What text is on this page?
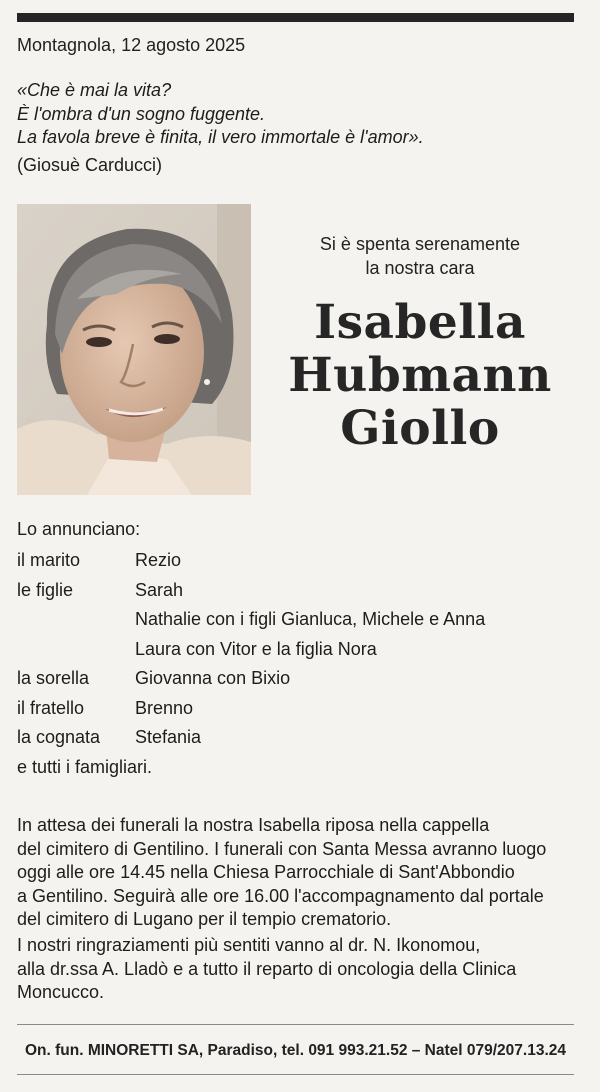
Montagnola, 12 agosto 2025
«Che è mai la vita?
È l'ombra d'un sogno fuggente.
La favola breve è finita, il vero immortale è l'amor».
(Giosuè Carducci)
Si è spenta serenamente
la nostra cara
Isabella
Hubmann
Giollo
Lo annunciano:
il marito	Rezio
le figlie	Sarah
Nathalie con i figli Gianluca, Michele e Anna
Laura con Vitor e la figlia Nora
la sorella	Giovanna con Bixio
il fratello	Brenno
la cognata	Stefania
e tutti i famigliari.
In attesa dei funerali la nostra Isabella riposa nella cappella
del cimitero di Gentilino. I funerali con Santa Messa avranno luogo
oggi alle ore 14.45 nella Chiesa Parrocchiale di Sant'Abbondio
a Gentilino. Seguirà alle ore 16.00 l'accompagnamento dal portale
del cimitero di Lugano per il tempio crematorio.
I nostri ringraziamenti più sentiti vanno al dr. N. Ikonomou,
alla dr.ssa A. Lladò e a tutto il reparto di oncologia della Clinica
Moncucco.
On. fun. MINORETTI SA, Paradiso, tel. 091 993.21.52 – Natel 079/207.13.24
